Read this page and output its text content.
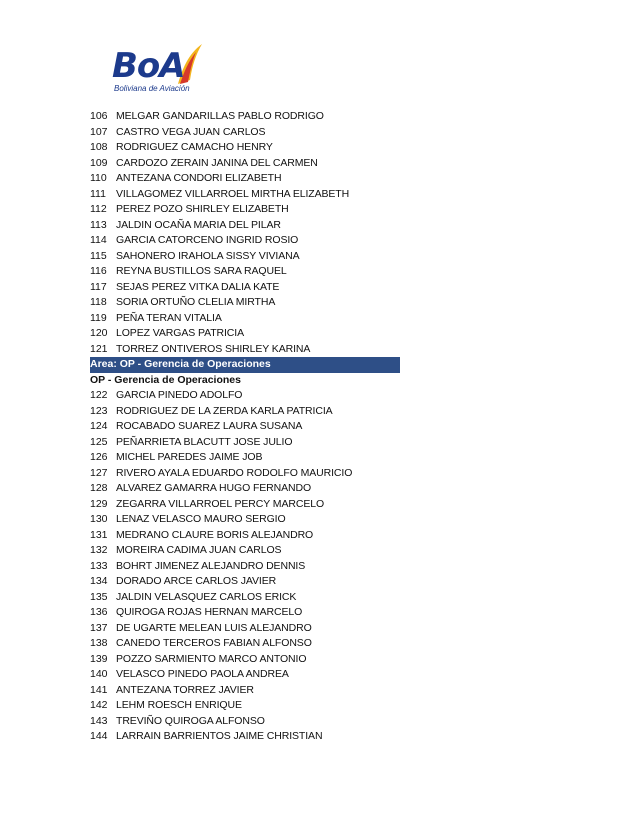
BoA
Boliviana de Aviación
106 MELGAR GANDARILLAS PABLO RODRIGO
107 CASTRO VEGA JUAN CARLOS
108 RODRIGUEZ CAMACHO HENRY
109 CARDOZO ZERAIN JANINA DEL CARMEN
110 ANTEZANA CONDORI ELIZABETH
111 VILLAGOMEZ VILLARROEL MIRTHA ELIZABETH
112 PEREZ POZO SHIRLEY ELIZABETH
113 JALDIN OCAÑA MARIA DEL PILAR
114 GARCIA CATORCENO INGRID ROSIO
115 SAHONERO IRAHOLA SISSY VIVIANA
116 REYNA BUSTILLOS SARA RAQUEL
117 SEJAS PEREZ VITKA DALIA KATE
118 SORIA ORTUÑO CLELIA MIRTHA
119 PEÑA TERAN VITALIA
120 LOPEZ VARGAS PATRICIA
121 TORREZ ONTIVEROS SHIRLEY KARINA
Area: OP - Gerencia de Operaciones
OP - Gerencia de Operaciones
122 GARCIA PINEDO ADOLFO
123 RODRIGUEZ DE LA ZERDA KARLA PATRICIA
124 ROCABADO SUAREZ LAURA SUSANA
125 PEÑARRIETA BLACUTT JOSE JULIO
126 MICHEL PAREDES JAIME JOB
127 RIVERO AYALA EDUARDO RODOLFO MAURICIO
128 ALVAREZ GAMARRA HUGO FERNANDO
129 ZEGARRA VILLARROEL PERCY MARCELO
130 LENAZ VELASCO MAURO SERGIO
131 MEDRANO CLAURE BORIS ALEJANDRO
132 MOREIRA CADIMA JUAN CARLOS
133 BOHRT JIMENEZ ALEJANDRO DENNIS
134 DORADO ARCE CARLOS JAVIER
135 JALDIN VELASQUEZ CARLOS ERICK
136 QUIROGA ROJAS HERNAN MARCELO
137 DE UGARTE MELEAN LUIS ALEJANDRO
138 CANEDO TERCEROS FABIAN ALFONSO
139 POZZO SARMIENTO MARCO ANTONIO
140 VELASCO PINEDO PAOLA ANDREA
141 ANTEZANA TORREZ JAVIER
142 LEHM ROESCH ENRIQUE
143 TREVIÑO QUIROGA ALFONSO
144 LARRAIN BARRIENTOS JAIME CHRISTIAN
